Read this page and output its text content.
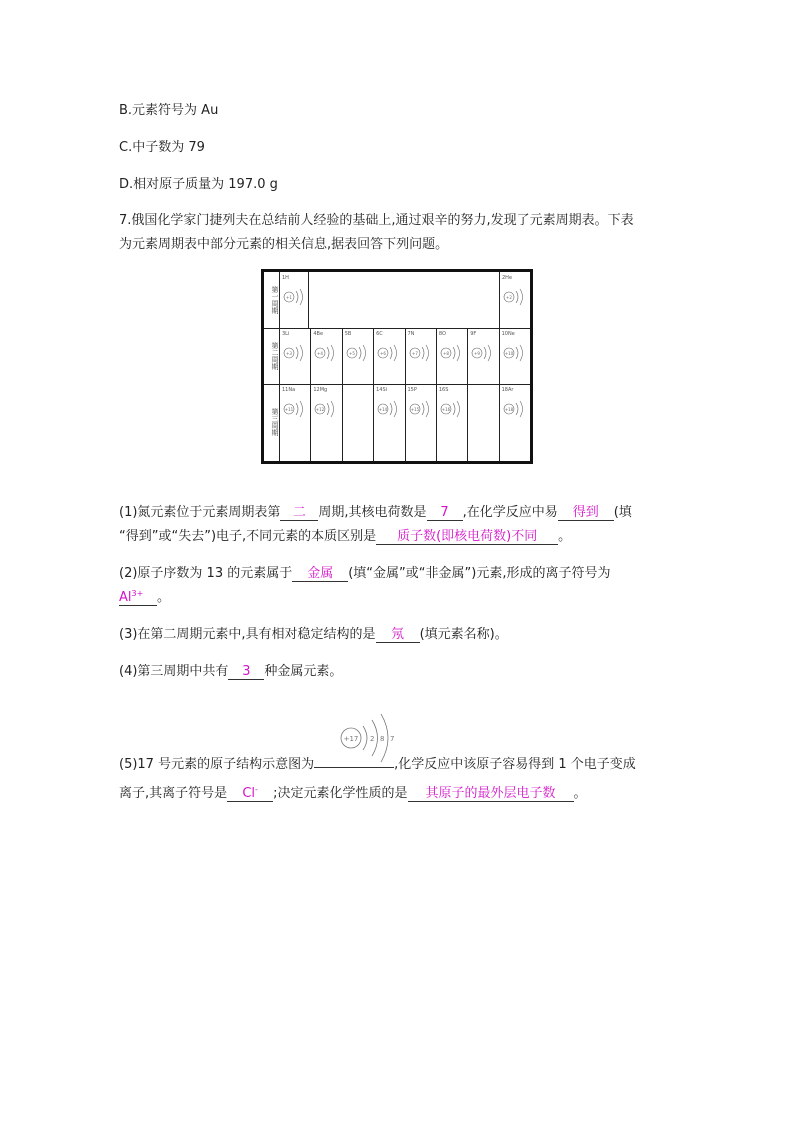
B.元素符号为 Au
C.中子数为 79
D.相对原子质量为 197.0 g
7.俄国化学家门捷列夫在总结前人经验的基础上,通过艰辛的努力,发现了元素周期表。下表
为元素周期表中部分元素的相关信息,据表回答下列问题。
第一周期
第二周期
第三周期
1H
+1
2He
+2
3Li
+3
4Be
+4
5B
+5
6C
+6
7N
+7
8O
+8
9F
+9
10Ne
+10
11Na
+11
12Mg
+12
14Si
+14
15P
+15
16S
+16
18Ar
+18
(1)氮元素位于元素周期表第 二 周期,其核电荷数是 7 ,在化学反应中易 得到 (填
“得到”或“失去”)电子,不同元素的本质区别是 质子数(即核电荷数)不同 。
(2)原子序数为 13 的元素属于 金属 (填“金属”或“非金属”)元素,形成的离子符号为
$Al^{3+}$ 。
(3)在第二周期元素中,具有相对稳定结构的是 氖 (填元素名称)。
(4)第三周期中共有 3 种金属元素。
+17 2 8 7
(5)17 号元素的原子结构示意图为	,化学反应中该原子容易得到 1 个电子变成
离子,其离子符号是 Cl- ;决定元素化学性质的是 其原子的最外层电子数 。
